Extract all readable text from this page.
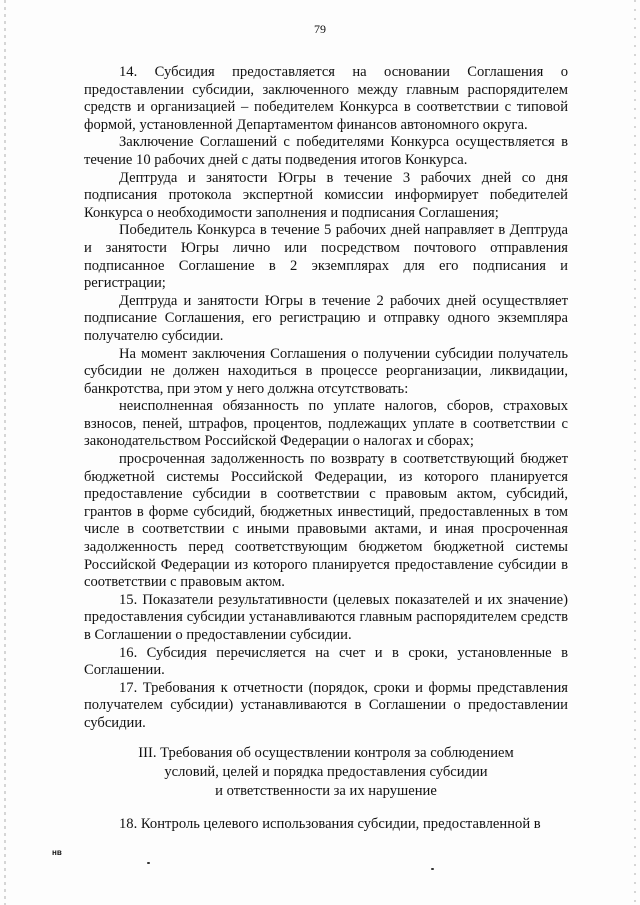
79

14. Субсидия предоставляется на основании Соглашения о предоставлении субсидии, заключенного между главным распорядителем средств и организацией – победителем Конкурса в соответствии с типовой формой, установленной Департаментом финансов автономного округа.

Заключение Соглашений с победителями Конкурса осуществляется в течение 10 рабочих дней с даты подведения итогов Конкурса.

Дептруда и занятости Югры в течение 3 рабочих дней со дня подписания протокола экспертной комиссии информирует победителей Конкурса о необходимости заполнения и подписания Соглашения;

Победитель Конкурса в течение 5 рабочих дней направляет в Дептруда и занятости Югры лично или посредством почтового отправления подписанное Соглашение в 2 экземплярах для его подписания и регистрации;

Дептруда и занятости Югры в течение 2 рабочих дней осуществляет подписание Соглашения, его регистрацию и отправку одного экземпляра получателю субсидии.

На момент заключения Соглашения о получении субсидии получатель субсидии не должен находиться в процессе реорганизации, ликвидации, банкротства, при этом у него должна отсутствовать:

неисполненная обязанность по уплате налогов, сборов, страховых взносов, пеней, штрафов, процентов, подлежащих уплате в соответствии с законодательством Российской Федерации о налогах и сборах;

просроченная задолженность по возврату в соответствующий бюджет бюджетной системы Российской Федерации, из которого планируется предоставление субсидии в соответствии с правовым актом, субсидий, грантов в форме субсидий, бюджетных инвестиций, предоставленных в том числе в соответствии с иными правовыми актами, и иная просроченная задолженность перед соответствующим бюджетом бюджетной системы Российской Федерации из которого планируется предоставление субсидии в соответствии с правовым актом.

15. Показатели результативности (целевых показателей и их значение) предоставления субсидии устанавливаются главным распорядителем средств в Соглашении о предоставлении субсидии.

16. Субсидия перечисляется на счет и в сроки, установленные в Соглашении.

17. Требования к отчетности (порядок, сроки и формы представления получателем субсидии) устанавливаются в Соглашении о предоставлении субсидии.

III. Требования об осуществлении контроля за соблюдением
условий, целей и порядка предоставления субсидии
и ответственности за их нарушение

18. Контроль целевого использования субсидии, предоставленной в

нв
